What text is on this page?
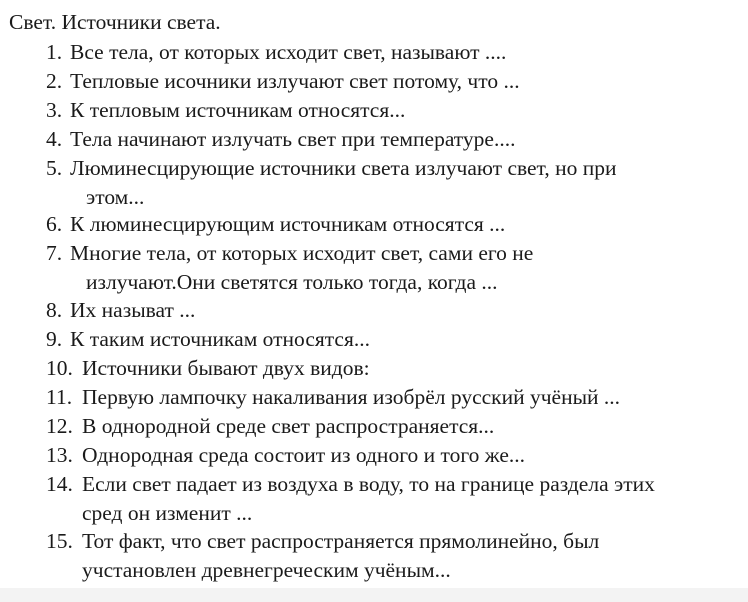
Свет. Источники света.
1. Все тела, от которых исходит свет, называют ....
2. Тепловые исочники излучают свет потому, что ...
3. К тепловым источникам относятся...
4. Тела начинают излучать свет при температуре....
5. Люминесцирующие источники света излучают свет, но при
этом...
6. К люминесцирующим источникам относятся ...
7. Многие тела, от которых исходит свет, сами его не
излучают.Они светятся только тогда, когда ...
8. Их называт ...
9. К таким источникам относятся...
10. Источники бывают двух видов:
11. Первую лампочку накаливания изобрёл русский учёный ...
12. В однородной среде свет распространяется...
13. Однородная среда состоит из одного и того же...
14. Если свет падает из воздуха в воду, то на границе раздела этих
сред он изменит ...
15. Тот факт, что свет распространяется прямолинейно, был
учстановлен древнегреческим учёным...
